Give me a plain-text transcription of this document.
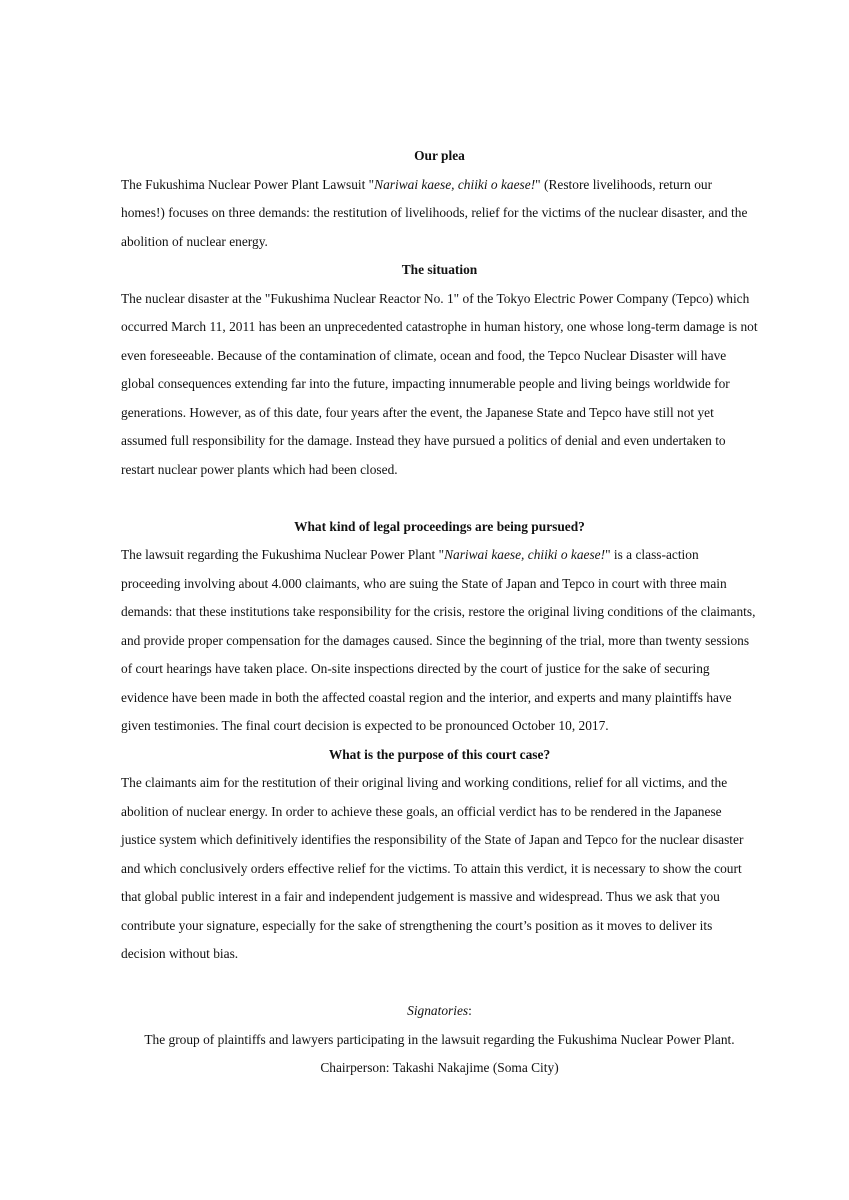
Our plea

The Fukushima Nuclear Power Plant Lawsuit "Nariwai kaese, chiiki o kaese!" (Restore livelihoods, return our homes!) focuses on three demands: the restitution of livelihoods, relief for the victims of the nuclear disaster, and the abolition of nuclear energy.

The situation

The nuclear disaster at the "Fukushima Nuclear Reactor No. 1" of the Tokyo Electric Power Company (Tepco) which occurred March 11, 2011 has been an unprecedented catastrophe in human history, one whose long-term damage is not even foreseeable. Because of the contamination of climate, ocean and food, the Tepco Nuclear Disaster will have global consequences extending far into the future, impacting innumerable people and living beings worldwide for generations. However, as of this date, four years after the event, the Japanese State and Tepco have still not yet assumed full responsibility for the damage. Instead they have pursued a politics of denial and even undertaken to restart nuclear power plants which had been closed.

What kind of legal proceedings are being pursued?

The lawsuit regarding the Fukushima Nuclear Power Plant "Nariwai kaese, chiiki o kaese!" is a class-action proceeding involving about 4.000 claimants, who are suing the State of Japan and Tepco in court with three main demands: that these institutions take responsibility for the crisis, restore the original living conditions of the claimants, and provide proper compensation for the damages caused. Since the beginning of the trial, more than twenty sessions of court hearings have taken place. On-site inspections directed by the court of justice for the sake of securing evidence have been made in both the affected coastal region and the interior, and experts and many plaintiffs have given testimonies. The final court decision is expected to be pronounced October 10, 2017.

What is the purpose of this court case?

The claimants aim for the restitution of their original living and working conditions, relief for all victims, and the abolition of nuclear energy. In order to achieve these goals, an official verdict has to be rendered in the Japanese justice system which definitively identifies the responsibility of the State of Japan and Tepco for the nuclear disaster and which conclusively orders effective relief for the victims. To attain this verdict, it is necessary to show the court that global public interest in a fair and independent judgement is massive and widespread. Thus we ask that you contribute your signature, especially for the sake of strengthening the court’s position as it moves to deliver its decision without bias.

Signatories:

The group of plaintiffs and lawyers participating in the lawsuit regarding the Fukushima Nuclear Power Plant.

Chairperson: Takashi Nakajime (Soma City)
